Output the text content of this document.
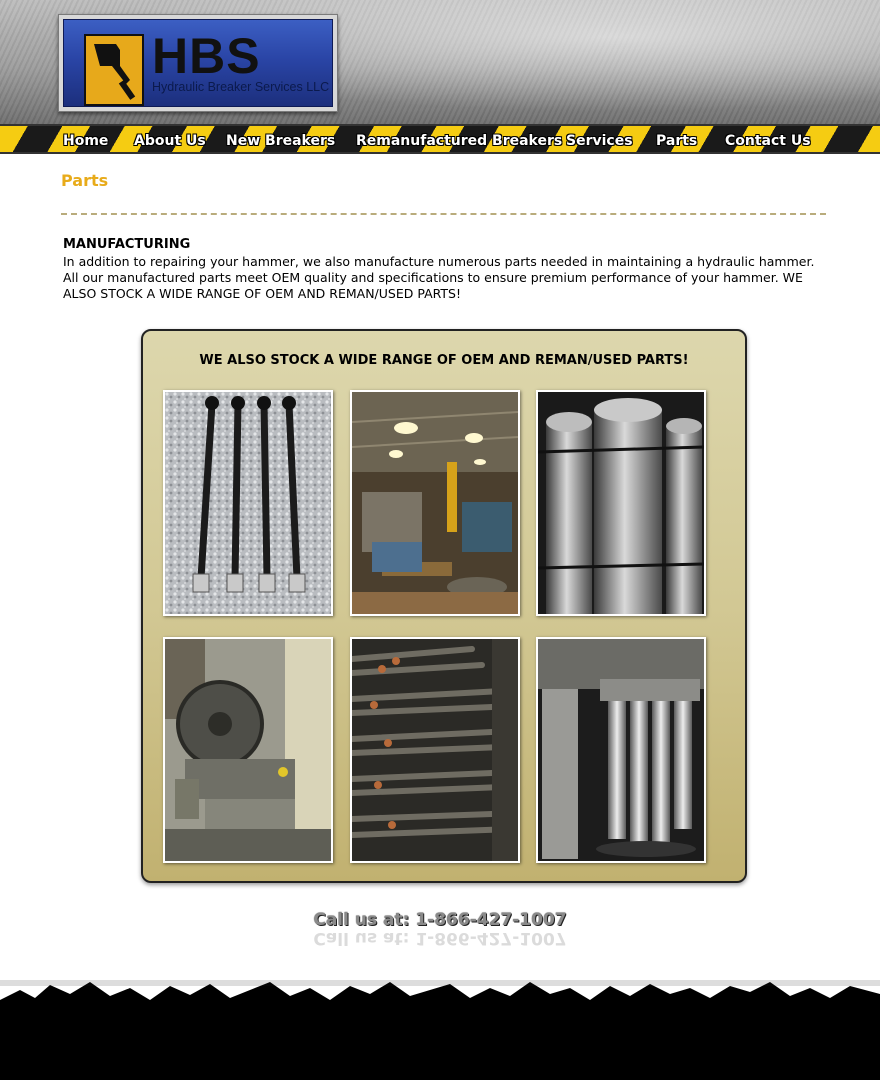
HBS
Hydraulic Breaker Services LLC
Home About Us New Breakers Remanufactured Breakers Services Parts Contact Us
Parts
MANUFACTURING
In addition to repairing your hammer, we also manufacture numerous parts needed in maintaining a hydraulic hammer. All our manufactured parts meet OEM quality and specifications to ensure premium performance of your hammer. WE ALSO STOCK A WIDE RANGE OF OEM AND REMAN/USED PARTS!
WE ALSO STOCK A WIDE RANGE OF OEM AND REMAN/USED PARTS!
Call us at: 1-866-427-1007
Call us at: 1-866-427-1007
